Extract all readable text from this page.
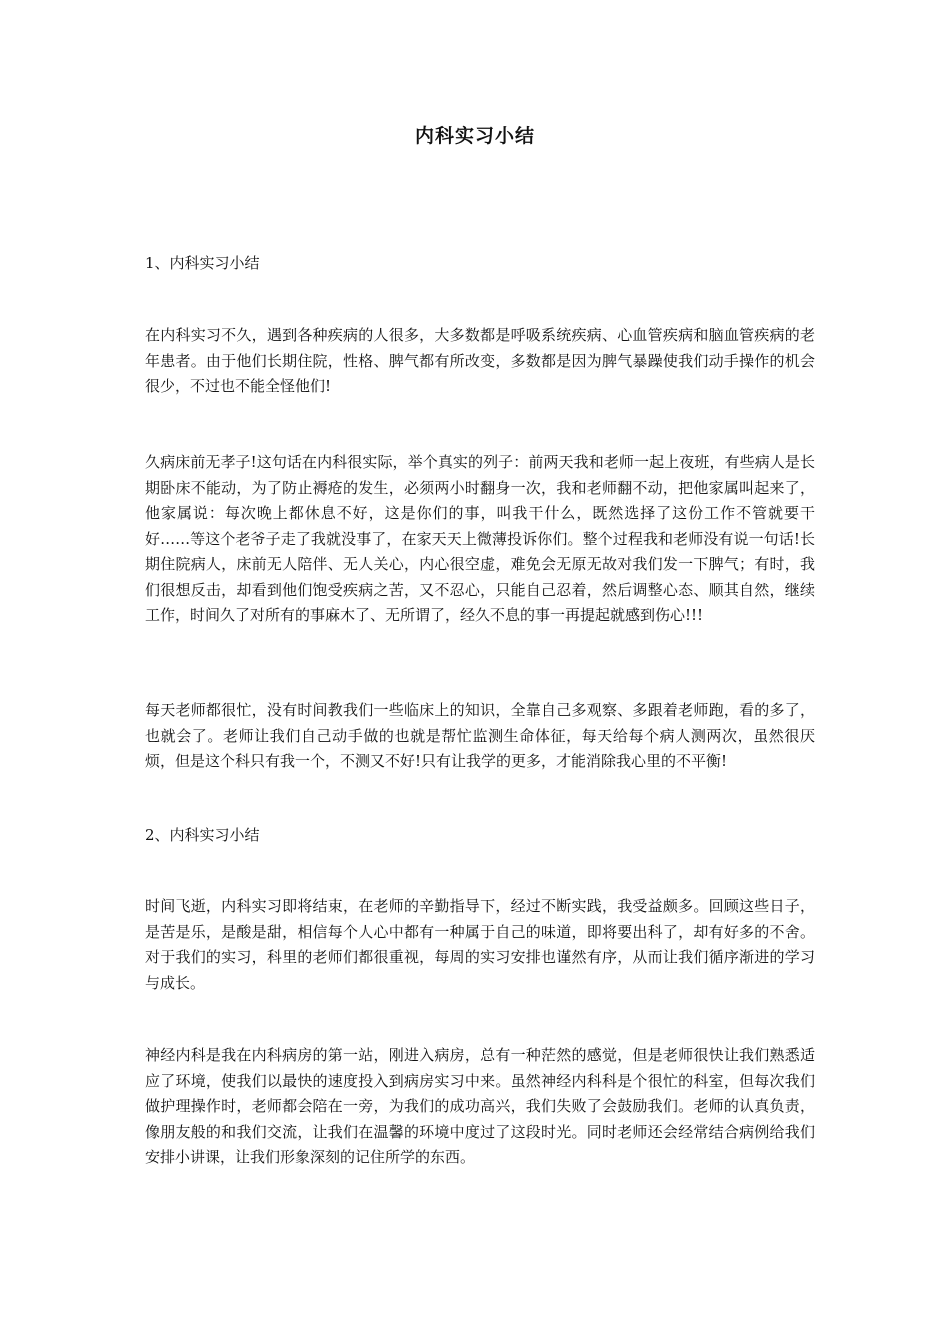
内科实习小结
1、内科实习小结

在内科实习不久，遇到各种疾病的人很多，大多数都是呼吸系统疾病、心血管疾病和脑血管疾病的老年患者。由于他们长期住院，性格、脾气都有所改变，多数都是因为脾气暴躁使我们动手操作的机会很少，不过也不能全怪他们!

久病床前无孝子!这句话在内科很实际，举个真实的列子：前两天我和老师一起上夜班，有些病人是长期卧床不能动，为了防止褥疮的发生，必须两小时翻身一次，我和老师翻不动，把他家属叫起来了，他家属说：每次晚上都休息不好，这是你们的事，叫我干什么，既然选择了这份工作不管就要干好……等这个老爷子走了我就没事了，在家天天上微薄投诉你们。整个过程我和老师没有说一句话!长期住院病人，床前无人陪伴、无人关心，内心很空虚，难免会无原无故对我们发一下脾气；有时，我们很想反击，却看到他们饱受疾病之苦，又不忍心，只能自己忍着，然后调整心态、顺其自然，继续工作，时间久了对所有的事麻木了、无所谓了，经久不息的事一再提起就感到伤心!!!

每天老师都很忙，没有时间教我们一些临床上的知识，全靠自己多观察、多跟着老师跑，看的多了，也就会了。老师让我们自己动手做的也就是帮忙监测生命体征，每天给每个病人测两次，虽然很厌烦，但是这个科只有我一个，不测又不好!只有让我学的更多，才能消除我心里的不平衡!

2、内科实习小结

时间飞逝，内科实习即将结束，在老师的辛勤指导下，经过不断实践，我受益颇多。回顾这些日子，是苦是乐，是酸是甜，相信每个人心中都有一种属于自己的味道，即将要出科了，却有好多的不舍。对于我们的实习，科里的老师们都很重视，每周的实习安排也谨然有序，从而让我们循序渐进的学习与成长。

神经内科是我在内科病房的第一站，刚进入病房，总有一种茫然的感觉，但是老师很快让我们熟悉适应了环境，使我们以最快的速度投入到病房实习中来。虽然神经内科科是个很忙的科室，但每次我们做护理操作时，老师都会陪在一旁，为我们的成功高兴，我们失败了会鼓励我们。老师的认真负责，像朋友般的和我们交流，让我们在温馨的环境中度过了这段时光。同时老师还会经常结合病例给我们安排小讲课，让我们形象深刻的记住所学的东西。
